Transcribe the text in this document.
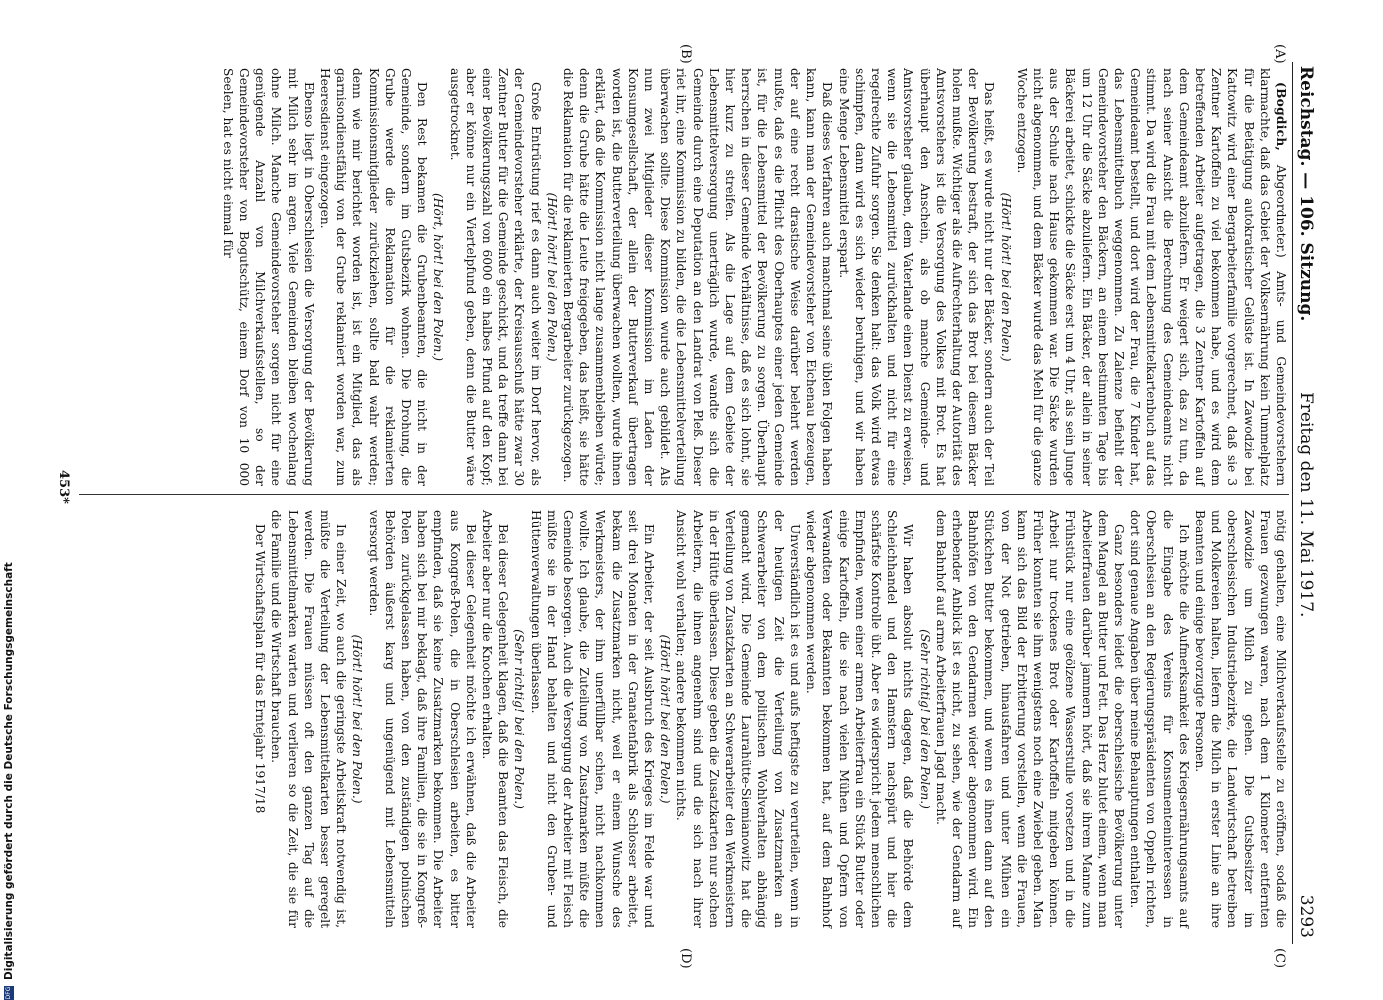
Reichstag. — 106. Sitzung.
Freitag den 11. Mai 1917.
3293
(A)
(B)
(C)
(D)

(Bogdich, Abgeordneter.) Amts- und Gemeindevorstehern klarmachte, daß das Gebiet der Volksernährung kein Tummelplatz für die Betätigung autokratischer Gelüste ist. In Zawodzie bei Kattowitz wird einer Bergarbeiterfamilie vorgerechnet, daß sie 3 Zentner Kartoffeln zu viel bekommen habe, und es wird dem betreffenden Arbeiter aufgetragen, die 3 Zentner Kartoffeln auf dem Gemeindeamt abzuliefern. Er weigert sich, das zu tun, da nach seiner Ansicht die Berechnung des Gemeindeamts nicht stimmt. Da wird die Frau mit dem Lebensmittelkartenbuch auf das Gemeindeamt bestellt, und dort wird der Frau, die 7 Kinder hat, das Lebensmittelbuch weggenommen. Zu Zalenze befiehlt der Gemeindevorsteher den Bäckern, an einem bestimmten Tage bis um 12 Uhr die Säcke abzuliefern. Ein Bäcker, der allein in seiner Bäckerei arbeitet, schickte die Säcke erst um 4 Uhr, als sein Junge aus der Schule nach Hause gekommen war. Die Säcke wurden nicht abgenommen, und dem Bäcker wurde das Mehl für die ganze Woche entzogen.

(Hört! hört! bei den Polen.)

Das heißt, es wurde nicht nur der Bäcker, sondern auch der Teil der Bevölkerung bestraft, der sich das Brot bei diesem Bäcker holen mußte. Wichtiger als die Aufrechterhaltung der Autorität des Amtsvorstehers ist die Versorgung des Volkes mit Brot. Es hat überhaupt den Anschein, als ob manche Gemeinde- und Amtsvorsteher glauben, dem Vaterlande einen Dienst zu erweisen, wenn sie die Lebensmittel zurückhalten und nicht für eine regelrechte Zufuhr sorgen. Sie denken halt: das Volk wird etwas schimpfen, dann wird es sich wieder beruhigen, und wir haben eine Menge Lebensmittel erspart.

Daß dieses Verfahren auch manchmal seine üblen Folgen haben kann, kann man der Gemeindevorsteher von Eichenau bezeugen, der auf eine recht drastische Weise darüber belehrt werden mußte, daß es die Pflicht des Oberhauptes einer jeden Gemeinde ist, für die Lebensmittel der Bevölkerung zu sorgen. Überhaupt herrschen in dieser Gemeinde Verhältnisse, daß es sich lohnt, sie hier kurz zu streifen. Als die Lage auf dem Gebiete der Lebensmittelversorgung unerträglich wurde, wandte sich die Gemeinde durch eine Deputation an den Landrat von Pleß. Dieser riet ihr, eine Kommission zu bilden, die die Lebensmittelverteilung überwachen sollte. Diese Kommission wurde auch gebildet. Als nun zwei Mitglieder dieser Kommission im Laden der Konsumgesellschaft, der allein der Butterverkauf übertragen worden ist, die Butterverteilung überwachen wollten, wurde ihnen erklärt, daß die Kommission nicht lange zusammenbleiben würde; denn die Grube hätte die Leute freigegeben, das heißt, sie hätte die Reklamation für die reklamierten Bergarbeiter zurückgezogen.

(Hört! hört! bei den Polen.)

Große Entrüstung rief es dann auch weiter im Dorf hervor, als der Gemeindevorsteher erklärte, der Kreisausschuß hätte zwar 30 Zentner Butter für die Gemeinde geschickt, und da treffe dann bei einer Bevölkerungszahl von 6000 ein halbes Pfund auf den Kopf; aber er könne nur ein Viertelpfund geben, denn die Butter wäre ausgetrocknet.

(Hört, hört! bei den Polen.)

Den Rest bekamen die Grubenbeamten, die nicht in der Gemeinde, sondern im Gutsbezirk wohnen. Die Drohung, die Grube werde die Reklamation für die reklamierten Kommissionsmitglieder zurückziehen, sollte bald wahr werden; denn wie mir berichtet worden ist, ist ein Mitglied, das als garnisondienstfähig von der Grube reklamiert worden war, zum Heeresdienst eingezogen.

Ebenso liegt in Oberschlesien die Versorgung der Bevölkerung mit Milch sehr im argen. Viele Gemeinden bleiben wochenlang ohne Milch. Manche Gemeindevorsteher sorgen nicht für eine genügende Anzahl von Milchverkaufsstellen, so der Gemeindevorsteher von Bogutschütz, einem Dorf von 10 000 Seelen, hat es nicht einmal für

nötig gehalten, eine Milchverkaufsstelle zu eröffnen, sodaß die Frauen gezwungen waren, nach dem 1 Kilometer entfernten Zawodzie um Milch zu gehen. Die Gutsbesitzer im oberschlesischen Industriebezirke, die Landwirtschaft betreiben und Molkereien halten, liefern die Milch in erster Linie an ihre Beamten und einige bevorzugte Personen.

Ich möchte die Aufmerksamkeit des Kriegsernährungsamts auf die Eingabe des Vereins für Konsumenteninteressen in Oberschlesien an den Regierungspräsidenten von Oppeln richten, dort sind genaue Angaben über meine Behauptungen enthalten.

Ganz besonders leidet die oberschlesische Bevölkerung unter dem Mangel an Butter und Fett. Das Herz blutet einem, wenn man Arbeiterfrauen darüber jammern hört, daß sie ihrem Manne zum Frühstück nur eine geölzene Wasserstulle vorsetzen und in die Arbeit nur trockenes Brot oder Kartoffeln mitgeben können. Früher konnten sie ihm wenigstens noch eine Zwiebel geben. Man kann sich das Bild der Erbitterung vorstellen, wenn die Frauen, von der Not getrieben, hinausfahren und unter Mühen ein Stückchen Butter bekommen, und wenn es ihnen dann auf den Bahnhöfen von den Gendarmen wieder abgenommen wird. Ein erhebender Anblick ist es nicht, zu sehen, wie der Gendarm auf dem Bahnhof auf arme Arbeiterfrauen Jagd macht.

(Sehr richtig! bei den Polen.)

Wir haben absolut nichts dagegen, daß die Behörde dem Schleichhandel und den Hamstern nachspürt und hier die schärfste Kontrolle übt. Aber es widerspricht jedem menschlichen Empfinden, wenn einer armen Arbeiterfrau ein Stück Butter oder einige Kartoffeln, die sie nach vielen Mühen und Opfern von Verwandten oder Bekannten bekommen hat, auf dem Bahnhof wieder abgenommen werden.

Unverständlich ist es und aufs heftigste zu verurteilen, wenn in der heutigen Zeit die Verteilung von Zusatzmarken an Schwerarbeiter von dem politischen Wohlverhalten abhängig gemacht wird. Die Gemeinde Laurahütte-Siemianowitz hat die Verteilung von Zusatzkarten an Schwerarbeiter den Werkmeistern in der Hütte überlassen. Diese geben die Zusatzkarten nur solchen Arbeitern, die ihnen angenehm sind und die sich nach ihrer Ansicht wohl verhalten; andere bekommen nichts.

(Hört! hört! bei den Polen.)

Ein Arbeiter, der seit Ausbruch des Krieges im Felde war und seit drei Monaten in der Granatenfabrik als Schlosser arbeitet, bekam die Zusatzmarken nicht, weil er einem Wunsche des Werkmeisters, der ihm unerfüllbar schien, nicht nachkommen wollte. Ich glaube, die Zuteilung von Zusatzmarken müßte die Gemeinde besorgen. Auch die Versorgung der Arbeiter mit Fleisch müßte sie in der Hand behalten und nicht den Gruben- und Hüttenverwaltungen überlassen.

(Sehr richtig! bei den Polen.)

Bei dieser Gelegenheit klagen, daß die Beamten das Fleisch, die Arbeiter aber nur die Knochen erhalten.

Bei dieser Gelegenheit möchte ich erwähnen, daß die Arbeiter aus Kongreß-Polen, die in Oberschlesien arbeiten, es bitter empfinden, daß sie keine Zusatzmarken bekommen. Die Arbeiter haben sich bei mir beklagt, daß ihre Familien, die sie in Kongreß-Polen zurückgelassen haben, von den zuständigen polnischen Behörden äußerst karg und ungenügend mit Lebensmitteln versorgt werden.

(Hört! hört! bei den Polen.)

In einer Zeit, wo auch die geringste Arbeitskraft notwendig ist, müßte die Verteilung der Lebensmittelkarten besser geregelt werden. Die Frauen müssen oft den ganzen Tag auf die Lebensmittelmarken warten und verlieren so die Zeit, die sie für die Familie und die Wirtschaft brauchen.

Der Wirtschaftsplan für das Erntejahr 1917/18

453*
DFG
Digitalisierung gefördert durch die Deutsche Forschungsgemeinschaft
